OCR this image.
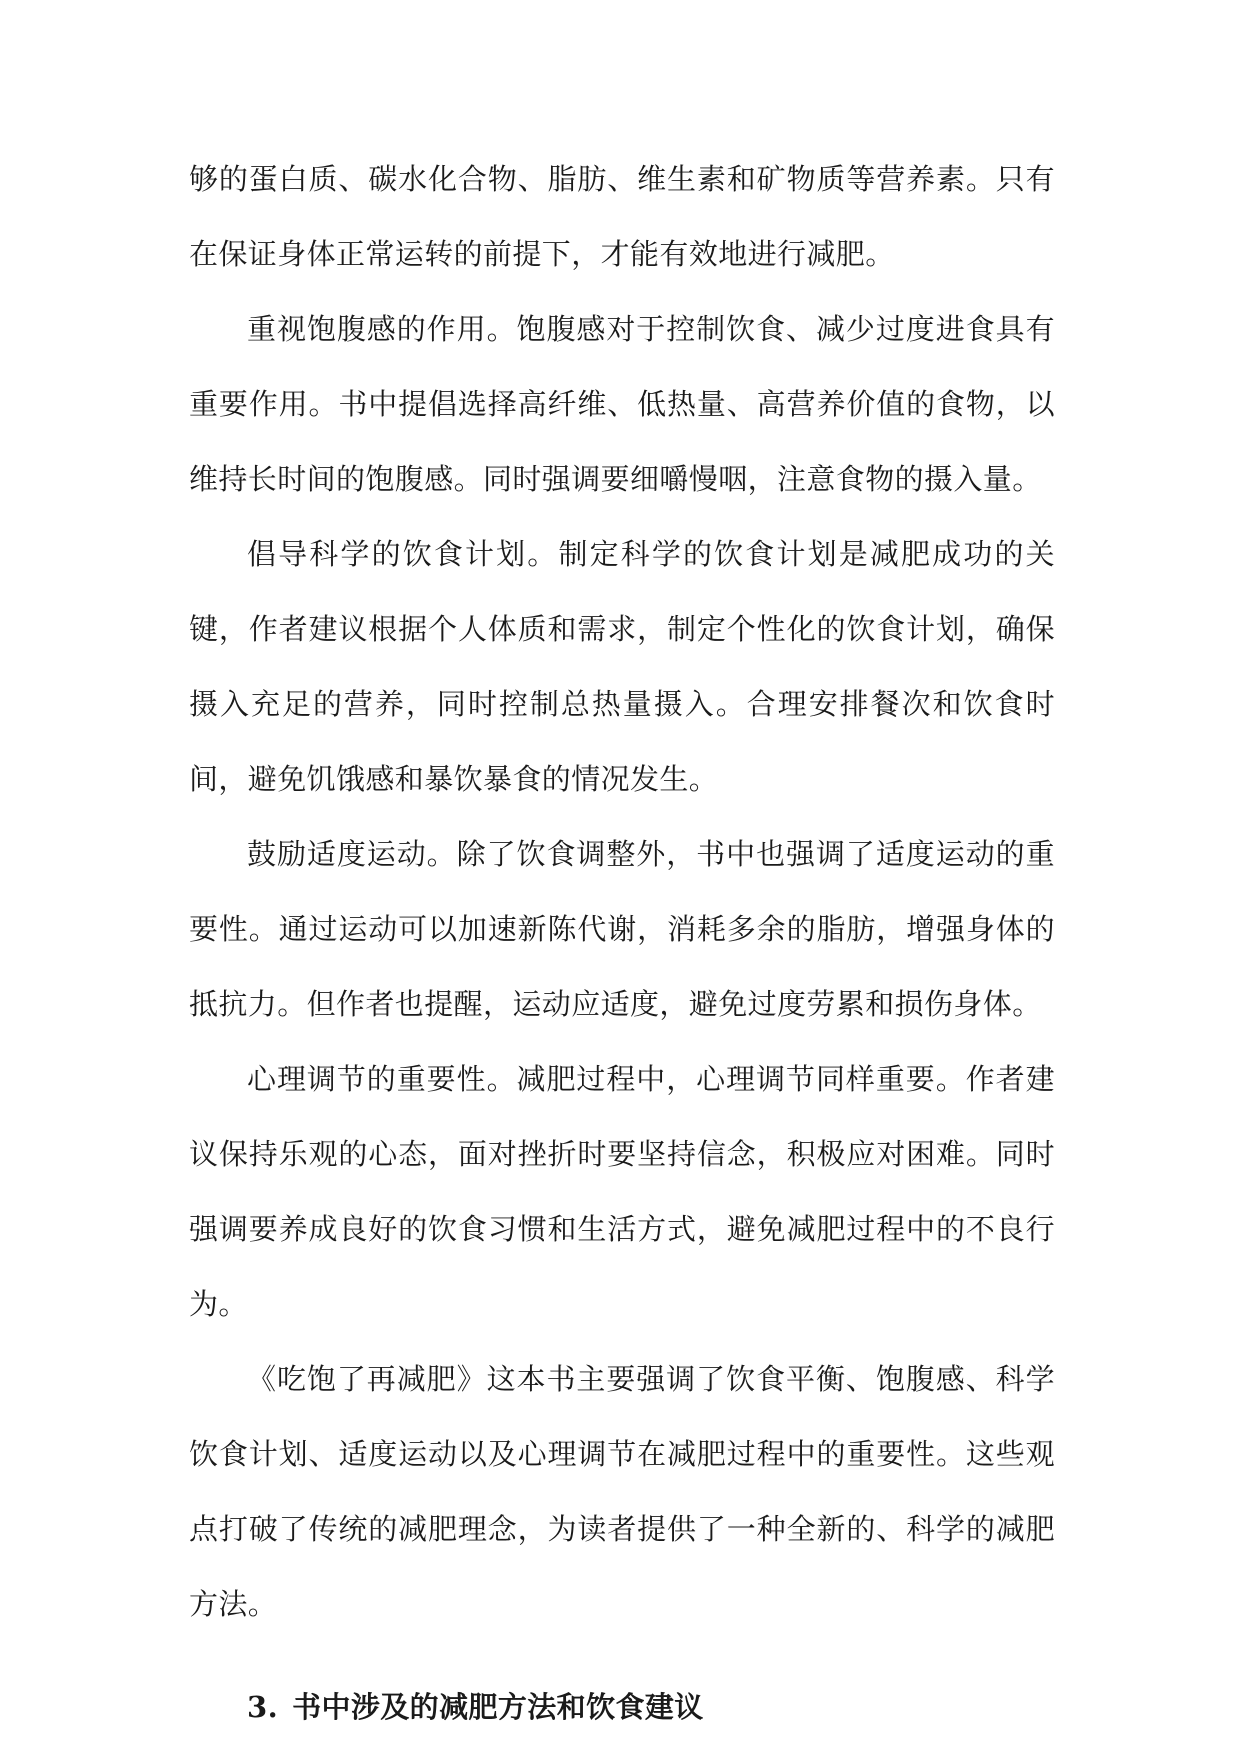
够的蛋白质、碳水化合物、脂肪、维生素和矿物质等营养素。只有在保证身体正常运转的前提下，才能有效地进行减肥。

重视饱腹感的作用。饱腹感对于控制饮食、减少过度进食具有重要作用。书中提倡选择高纤维、低热量、高营养价值的食物，以维持长时间的饱腹感。同时强调要细嚼慢咽，注意食物的摄入量。

倡导科学的饮食计划。制定科学的饮食计划是减肥成功的关键，作者建议根据个人体质和需求，制定个性化的饮食计划，确保摄入充足的营养，同时控制总热量摄入。合理安排餐次和饮食时间，避免饥饿感和暴饮暴食的情况发生。

鼓励适度运动。除了饮食调整外，书中也强调了适度运动的重要性。通过运动可以加速新陈代谢，消耗多余的脂肪，增强身体的抵抗力。但作者也提醒，运动应适度，避免过度劳累和损伤身体。

心理调节的重要性。减肥过程中，心理调节同样重要。作者建议保持乐观的心态，面对挫折时要坚持信念，积极应对困难。同时强调要养成良好的饮食习惯和生活方式，避免减肥过程中的不良行为。

《吃饱了再减肥》这本书主要强调了饮食平衡、饱腹感、科学饮食计划、适度运动以及心理调节在减肥过程中的重要性。这些观点打破了传统的减肥理念，为读者提供了一种全新的、科学的减肥方法。

3. 书中涉及的减肥方法和饮食建议
